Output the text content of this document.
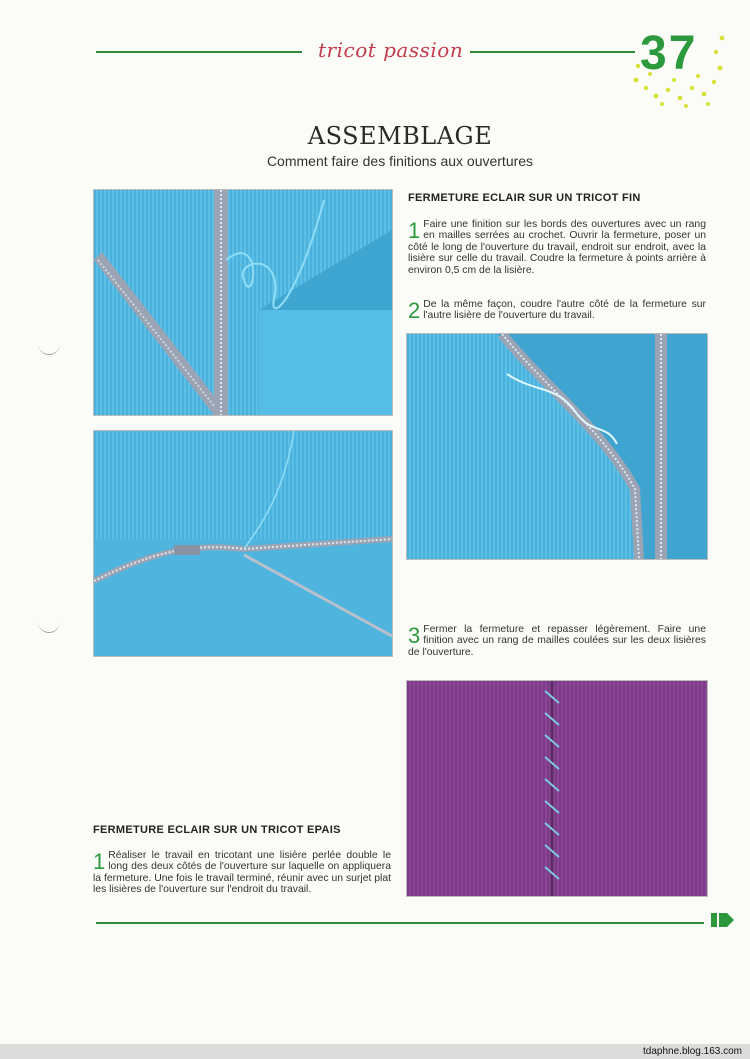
tricot passion	37
ASSEMBLAGE
Comment faire des finitions aux ouvertures
FERMETURE ECLAIR SUR UN TRICOT FIN
1 Faire une finition sur les bords des ouvertures avec un rang en mailles serrées au crochet. Ouvrir la fermeture, poser un côté le long de l'ouverture du travail, endroit sur endroit, avec la lisière sur celle du travail. Coudre la fermeture à points arrière à environ 0,5 cm de la lisière.
2 De la même façon, coudre l'autre côté de la fermeture sur l'autre lisière de l'ouverture du travail.
3 Fermer la fermeture et repasser légèrement. Faire une finition avec un rang de mailles coulées sur les deux lisières de l'ouverture.
FERMETURE ECLAIR SUR UN TRICOT EPAIS
1 Réaliser le travail en tricotant une lisière perlée double le long des deux côtés de l'ouverture sur laquelle on appliquera la fermeture. Une fois le travail terminé, réunir avec un surjet plat les lisières de l'ouverture sur l'endroit du travail.
tdaphne.blog.163.com
